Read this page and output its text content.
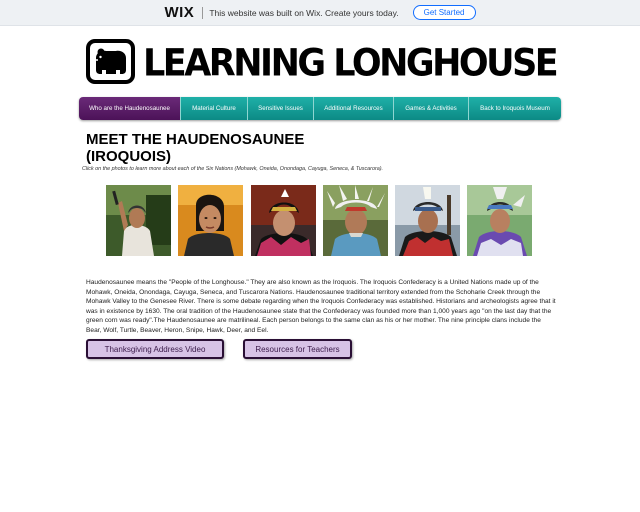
WIX This website was built on Wix. Create yours today.	Get Started
LEARNING LONGHOUSE
Who are the Haudenosaunee	Material Culture	Sensitive Issues	Additional Resources	Games & Activities	Back to Iroquois Museum
MEET THE HAUDENOSAUNEE
(IROQUOIS)
Click on the photos to learn more about each of the Six Nations (Mohawk, Oneida, Onondaga, Cayuga, Seneca, & Tuscarora).
Haudenosaunee means the "People of the Longhouse." They are also known as the Iroquois. The Iroquois Confederacy is a United Nations made up of the Mohawk, Oneida, Onondaga, Cayuga, Seneca, and Tuscarora Nations. Haudenosaunee traditional territory extended from the Schoharie Creek through the Mohawk Valley to the Genesee River. There is some debate regarding when the Iroquois Confederacy was established. Historians and archeologists agree that it was in existence by 1630. The oral tradition of the Haudenosaunee state that the Confederacy was founded more than 1,000 years ago "on the last day that the green corn was ready".The Haudenosaunee are matrilineal. Each person belongs to the same clan as his or her mother. The nine principle clans include the Bear, Wolf, Turtle, Beaver, Heron, Snipe, Hawk, Deer, and Eel.
Thanksgiving Address Video	Resources for Teachers
